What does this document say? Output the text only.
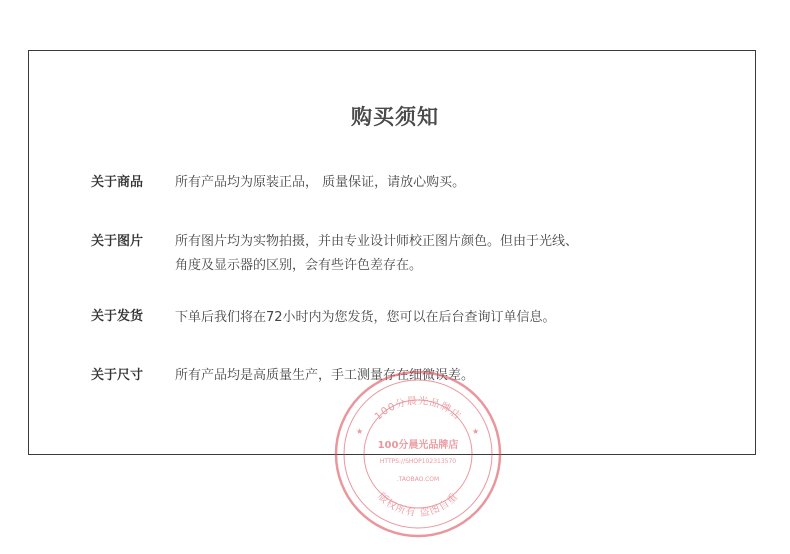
购买须知
关于商品 所有产品均为原装正品， 质量保证，请放心购买。
关于图片 所有图片均为实物拍摄，并由专业设计师校正图片颜色。但由于光线、
角度及显示器的区别，会有些许色差存在。
关于发货 下单后我们将在72小时内为您发货，您可以在后台查询订单信息。
关于尺寸 所有产品均是高质量生产，手工测量存在细微误差。
100分晨光品牌店
版权所有 盗图自重
100分晨光品牌店
HTTPS://SHOP102313570
.TAOBAO.COM
★	★
